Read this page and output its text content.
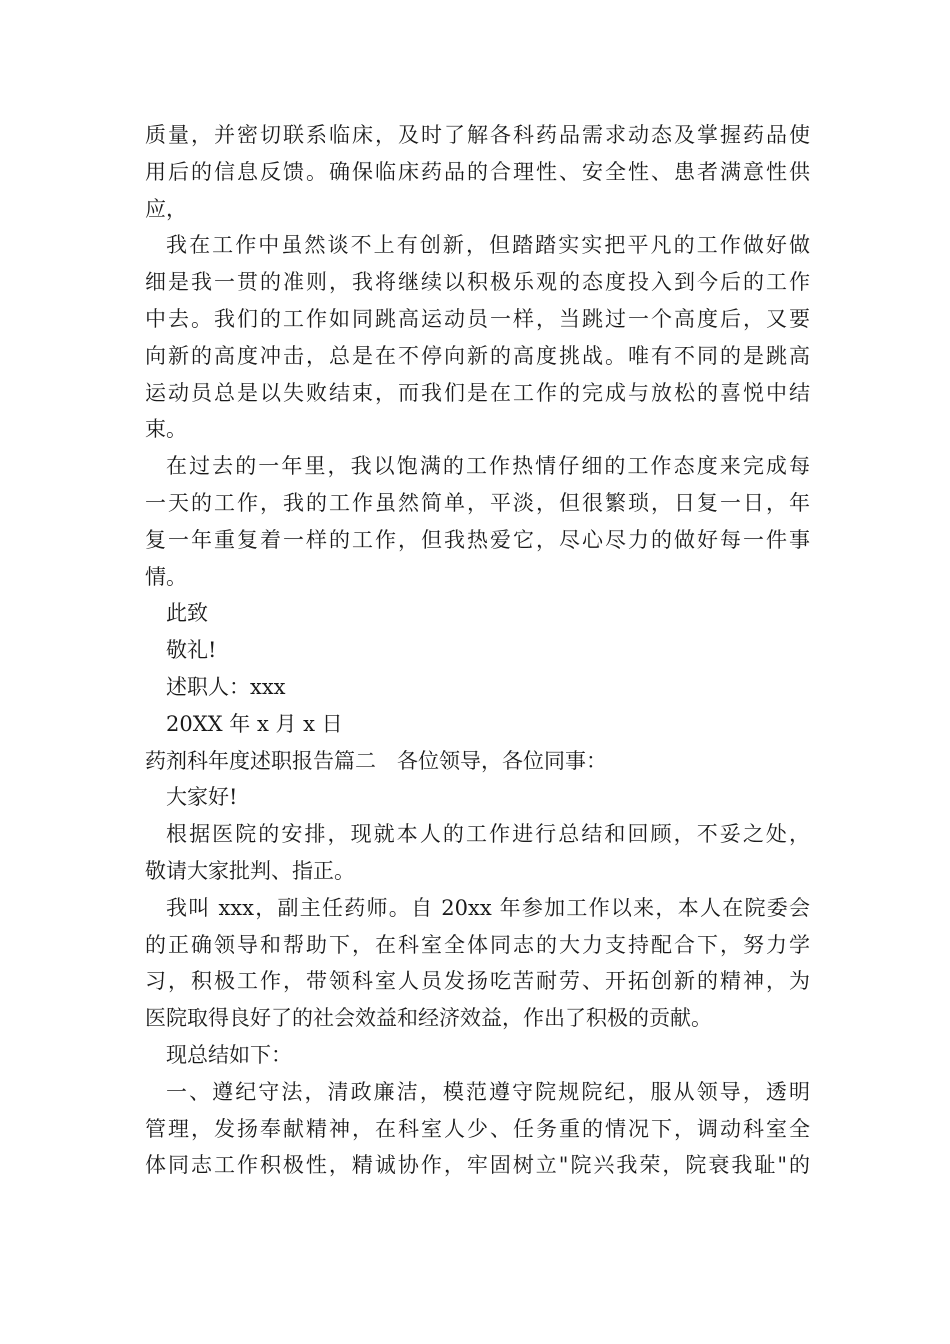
质量，并密切联系临床，及时了解各科药品需求动态及掌握药品使
用后的信息反馈。确保临床药品的合理性、安全性、患者满意性供
应，
我在工作中虽然谈不上有创新，但踏踏实实把平凡的工作做好做
细是我一贯的准则，我将继续以积极乐观的态度投入到今后的工作
中去。我们的工作如同跳高运动员一样，当跳过一个高度后，又要
向新的高度冲击，总是在不停向新的高度挑战。唯有不同的是跳高
运动员总是以失败结束，而我们是在工作的完成与放松的喜悦中结
束。
在过去的一年里，我以饱满的工作热情仔细的工作态度来完成每
一天的工作，我的工作虽然简单，平淡，但很繁琐，日复一日，年
复一年重复着一样的工作，但我热爱它，尽心尽力的做好每一件事
情。
此致
敬礼!
述职人：xxx
20XX 年 x 月 x 日
药剂科年度述职报告篇二　各位领导，各位同事：
大家好!
根据医院的安排，现就本人的工作进行总结和回顾，不妥之处，
敬请大家批判、指正。
我叫 xxx，副主任药师。自 20xx 年参加工作以来，本人在院委会
的正确领导和帮助下，在科室全体同志的大力支持配合下，努力学
习，积极工作，带领科室人员发扬吃苦耐劳、开拓创新的精神，为
医院取得良好了的社会效益和经济效益，作出了积极的贡献。
现总结如下：
一、遵纪守法，清政廉洁，模范遵守院规院纪，服从领导，透明
管理，发扬奉献精神，在科室人少、任务重的情况下，调动科室全
体同志工作积极性，精诚协作，牢固树立"院兴我荣，院衰我耻"的
